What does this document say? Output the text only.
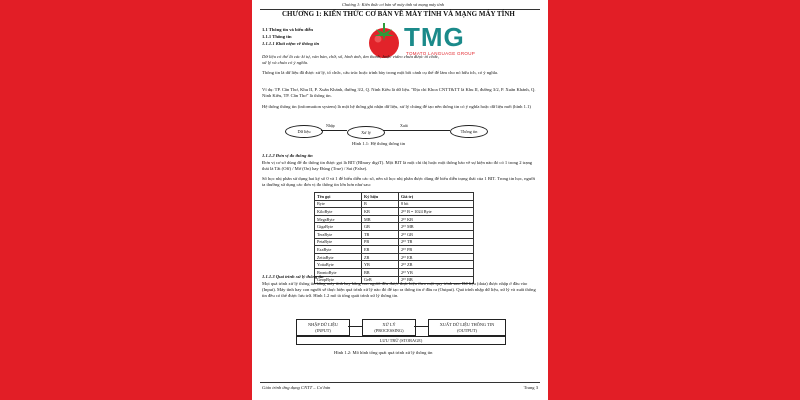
Chương 1: Kiến thức cơ bản về máy tính và mạng máy tính
CHƯƠNG 1: KIẾN THỨC CƠ BẢN VỀ MÁY TÍNH VÀ MẠNG MÁY TÍNH
1.1 Thông tin và biểu diễn
1.1.1 Thông tin
1.1.1.1 Khái niệm về thông tin	TMG
TOMATO LANGUAGE GROUP
Dữ liệu có thể là các kí tự, văn bản, chữ, số, hình ảnh, âm thanh, hoặc video chưa được tổ chức, xử lý và chưa có ý nghĩa.
Thông tin là dữ liệu đã được xử lý, tổ chức, cấu trúc hoặc trình bày trong một bối cảnh cụ thể để làm cho nó hữu ích, có ý nghĩa.
Ví dụ: TP. Cần Thơ, Khu II, P. Xuân Khánh, đường 3/2, Q. Ninh Kiều là dữ liệu. "Địa chỉ Khoa CNTT&TT là Khu II, đường 3/2, P. Xuân Khánh, Q. Ninh Kiều, TP. Cần Thơ" là thông tin.
Hệ thống thông tin (information system) là một hệ thống ghi nhận dữ liệu, xử lý chúng để tạo nên thông tin có ý nghĩa hoặc dữ liệu mới (hình 1.1)
Dữ liệu
Nhập
Xử lý
Xuất
Thông tin
Hình 1.1: Hệ thống thông tin
1.1.1.2 Đơn vị đo thông tin
Đơn vị cơ sở dùng để đo thông tin được gọi là BIT (BInary digiT). Một BIT là một chỉ thị hoặc một thông báo về sự kiện nào đó có 1 trong 2 trạng thái là Tắt (Off) / Mở (On) hay Đúng (True) / Sai (False).
Số học nhị phân sử dụng hai ký số 0 và 1 để biểu diễn các số, nên số học nhị phân được dùng để biểu diễn trạng thái của 1 BIT. Trong tin học, người ta thường sử dụng các đơn vị đo thông tin lớn hơn như sau:
Tên gọi	Ký hiệu	Giá trị
Byte	B	8 bit
KiloByte	KB	2¹⁰ B = 1024 Byte
MegaByte	MB	2¹⁰ KB
GigaByte	GB	2¹⁰ MB
TeraByte	TB	2¹⁰ GB
PetaByte	PB	2¹⁰ TB
ExaByte	EB	2¹⁰ PB
ZettaByte	ZB	2¹⁰ EB
YottaByte	YB	2¹⁰ ZB
BrontoByte	BB	2¹⁰ YB
GeopByte	GeB	2¹⁰ BB
1.1.1.3 Quá trình xử lý thông tin
Mọi quá trình xử lý thông tin bằng máy tính hay bằng con người đều được thực hiện theo một quy trình sau: Dữ liệu (data) được nhập ở đầu vào (Input). Máy tính hay con người sẽ thực hiện quá trình xử lý nào đó để tạo ra thông tin ở đầu ra (Output). Quá trình nhập dữ liệu, xử lý và xuất thông tin đều có thể được lưu trữ. Hình 1.2 mô tả tổng quát trình xử lý thông tin.
NHẬP DỮ LIỆU
(INPUT)
XỬ LÝ
(PROCESSING)
XUẤT DỮ LIỆU THÔNG TIN
(OUTPUT)
LƯU TRỮ (STORAGE)
Hình 1.2: Mô hình tổng quát quá trình xử lý thông tin
Giáo trình ứng dụng CNTT – Cơ bản	Trang 3
